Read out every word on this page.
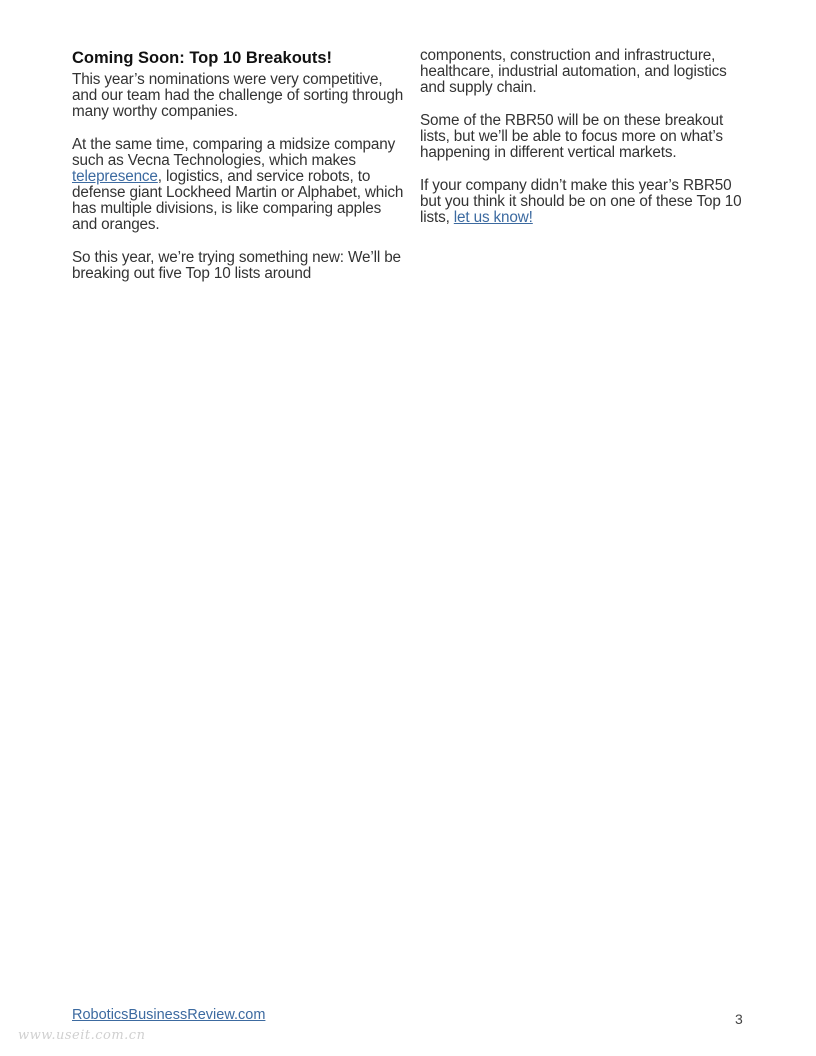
Coming Soon: Top 10 Breakouts!

This year’s nominations were very competitive, and our team had the challenge of sorting through many worthy companies.

At the same time, comparing a midsize company such as Vecna Technologies, which makes telepresence, logistics, and service robots, to defense giant Lockheed Martin or Alphabet, which has multiple divisions, is like comparing apples and oranges.

So this year, we’re trying something new: We’ll be breaking out five Top 10 lists around

components, construction and infrastructure, healthcare, industrial automation, and logistics and supply chain.

Some of the RBR50 will be on these breakout lists, but we’ll be able to focus more on what’s happening in different vertical markets.

If your company didn’t make this year’s RBR50 but you think it should be on one of these Top 10 lists, let us know!

RoboticsBusinessReview.com	3
www.useit.com.cn
